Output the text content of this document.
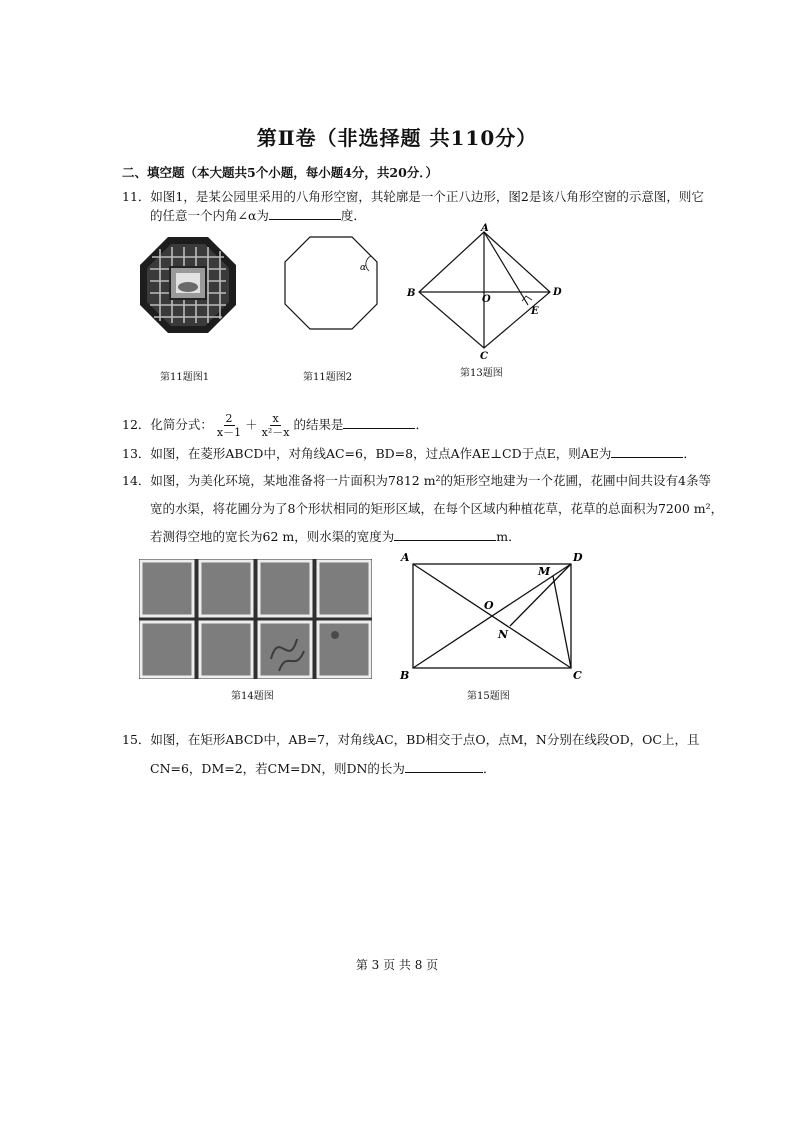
第Ⅱ卷（非选择题 共110分）
二、填空题（本大题共5个小题，每小题4分，共20分．）
11．如图1，是某公园里采用的八角形空窗，其轮廓是一个正八边形，图2是该八角形空窗的示意图，则它
的任意一个内角∠α为	度．
第11题图1
α
第11题图2
A
B
C
D
O
E
第13题图
12．化简分式： $\frac{2}{x-1} + \frac{x}{\text{x²－x}}$ 的结果是	．
13．如图，在菱形ABCD中，对角线AC=6，BD=8，过点A作AE⊥CD于点E，则AE为	．
14．如图，为美化环境，某地准备将一片面积为7812 m²的矩形空地建为一个花圃，花圃中间共设有4条等
宽的水渠，将花圃分为了8个形状相同的矩形区域，在每个区域内种植花草，花草的总面积为7200 m²，
若测得空地的宽长为62 m，则水渠的宽度为	m．
第14题图
A
B	C
D
O
M
N
第15题图
15．如图，在矩形ABCD中，AB=7，对角线AC，BD相交于点O，点M，N分别在线段OD，OC上，且
CN=6，DM=2，若CM=DN，则DN的长为	．
第 3 页 共 8 页
